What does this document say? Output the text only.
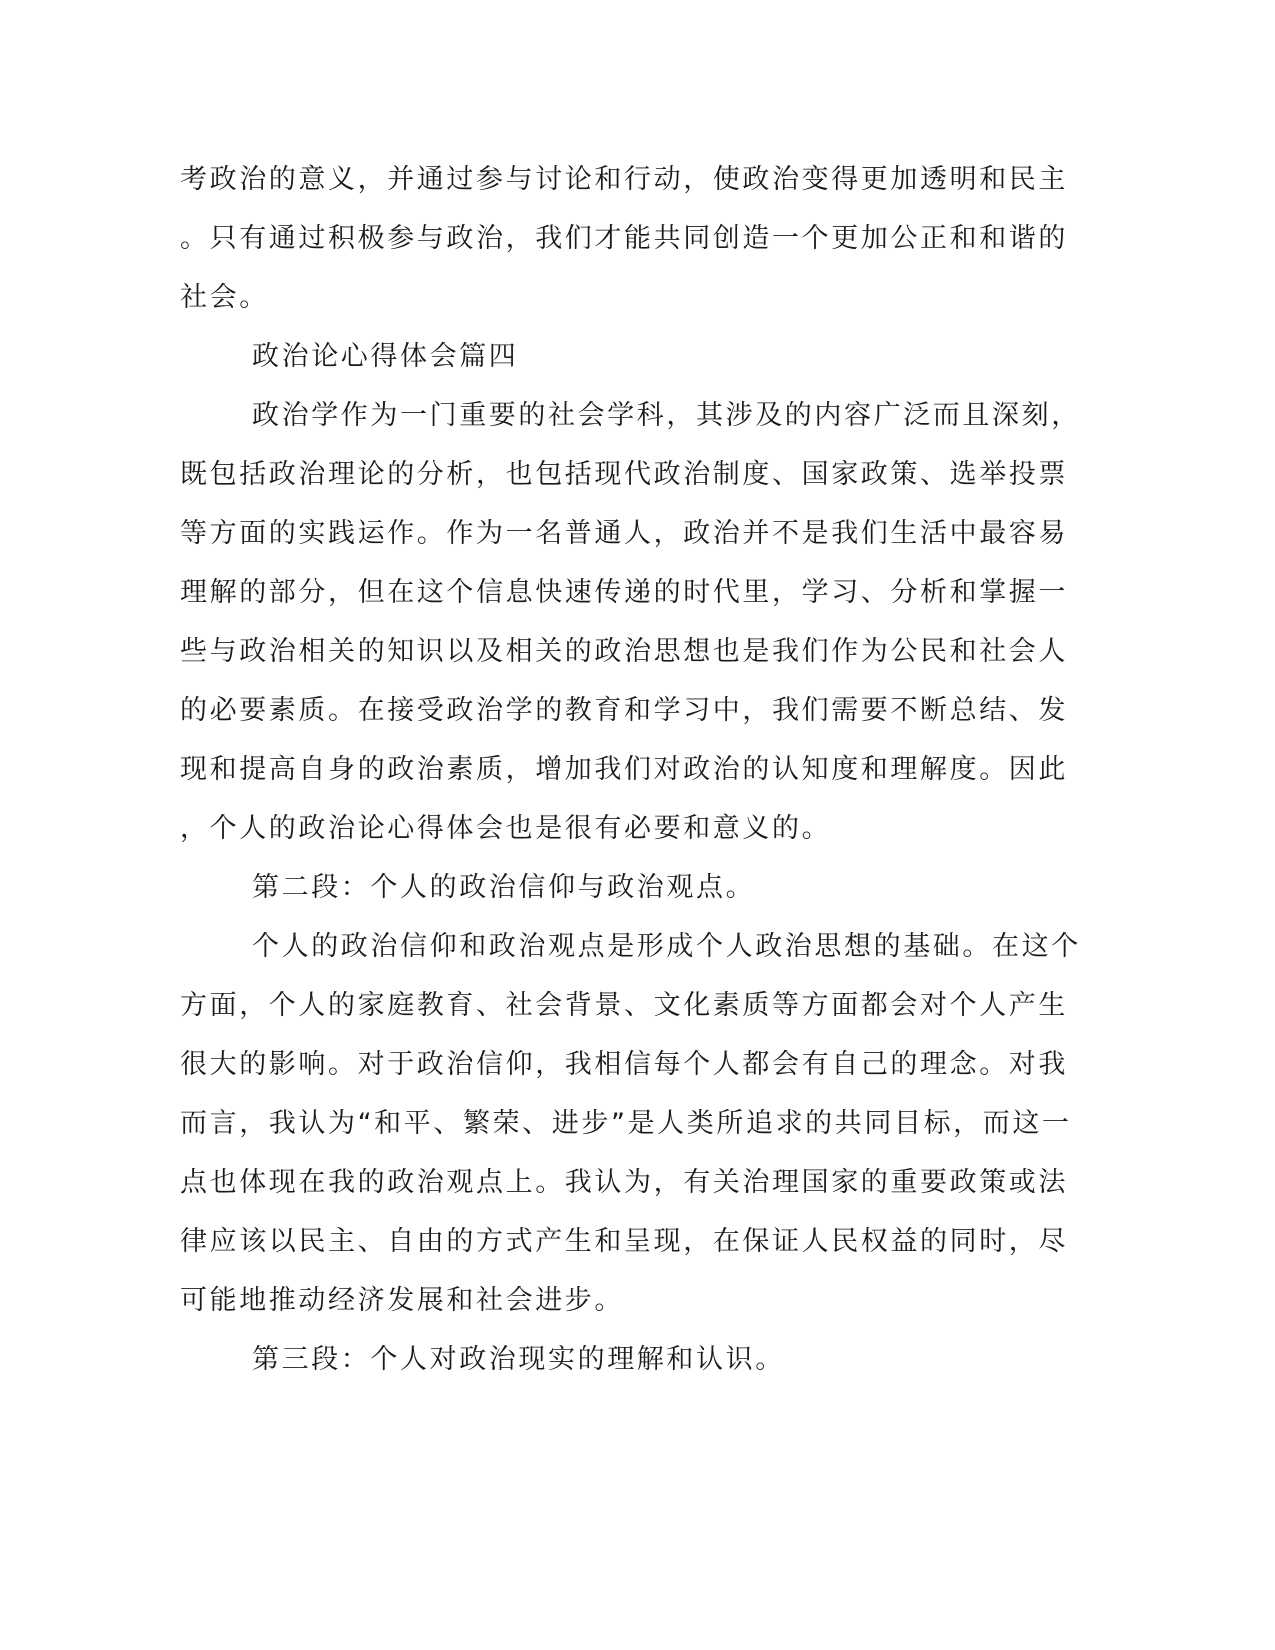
考政治的意义，并通过参与讨论和行动，使政治变得更加透明和民主
。只有通过积极参与政治，我们才能共同创造一个更加公正和和谐的
社会。
政治论心得体会篇四
政治学作为一门重要的社会学科，其涉及的内容广泛而且深刻，
既包括政治理论的分析，也包括现代政治制度、国家政策、选举投票
等方面的实践运作。作为一名普通人，政治并不是我们生活中最容易
理解的部分，但在这个信息快速传递的时代里，学习、分析和掌握一
些与政治相关的知识以及相关的政治思想也是我们作为公民和社会人
的必要素质。在接受政治学的教育和学习中，我们需要不断总结、发
现和提高自身的政治素质，增加我们对政治的认知度和理解度。因此
，个人的政治论心得体会也是很有必要和意义的。
第二段：个人的政治信仰与政治观点。
个人的政治信仰和政治观点是形成个人政治思想的基础。在这个
方面，个人的家庭教育、社会背景、文化素质等方面都会对个人产生
很大的影响。对于政治信仰，我相信每个人都会有自己的理念。对我
而言，我认为“和平、繁荣、进步”是人类所追求的共同目标，而这一
点也体现在我的政治观点上。我认为，有关治理国家的重要政策或法
律应该以民主、自由的方式产生和呈现，在保证人民权益的同时，尽
可能地推动经济发展和社会进步。
第三段：个人对政治现实的理解和认识。
